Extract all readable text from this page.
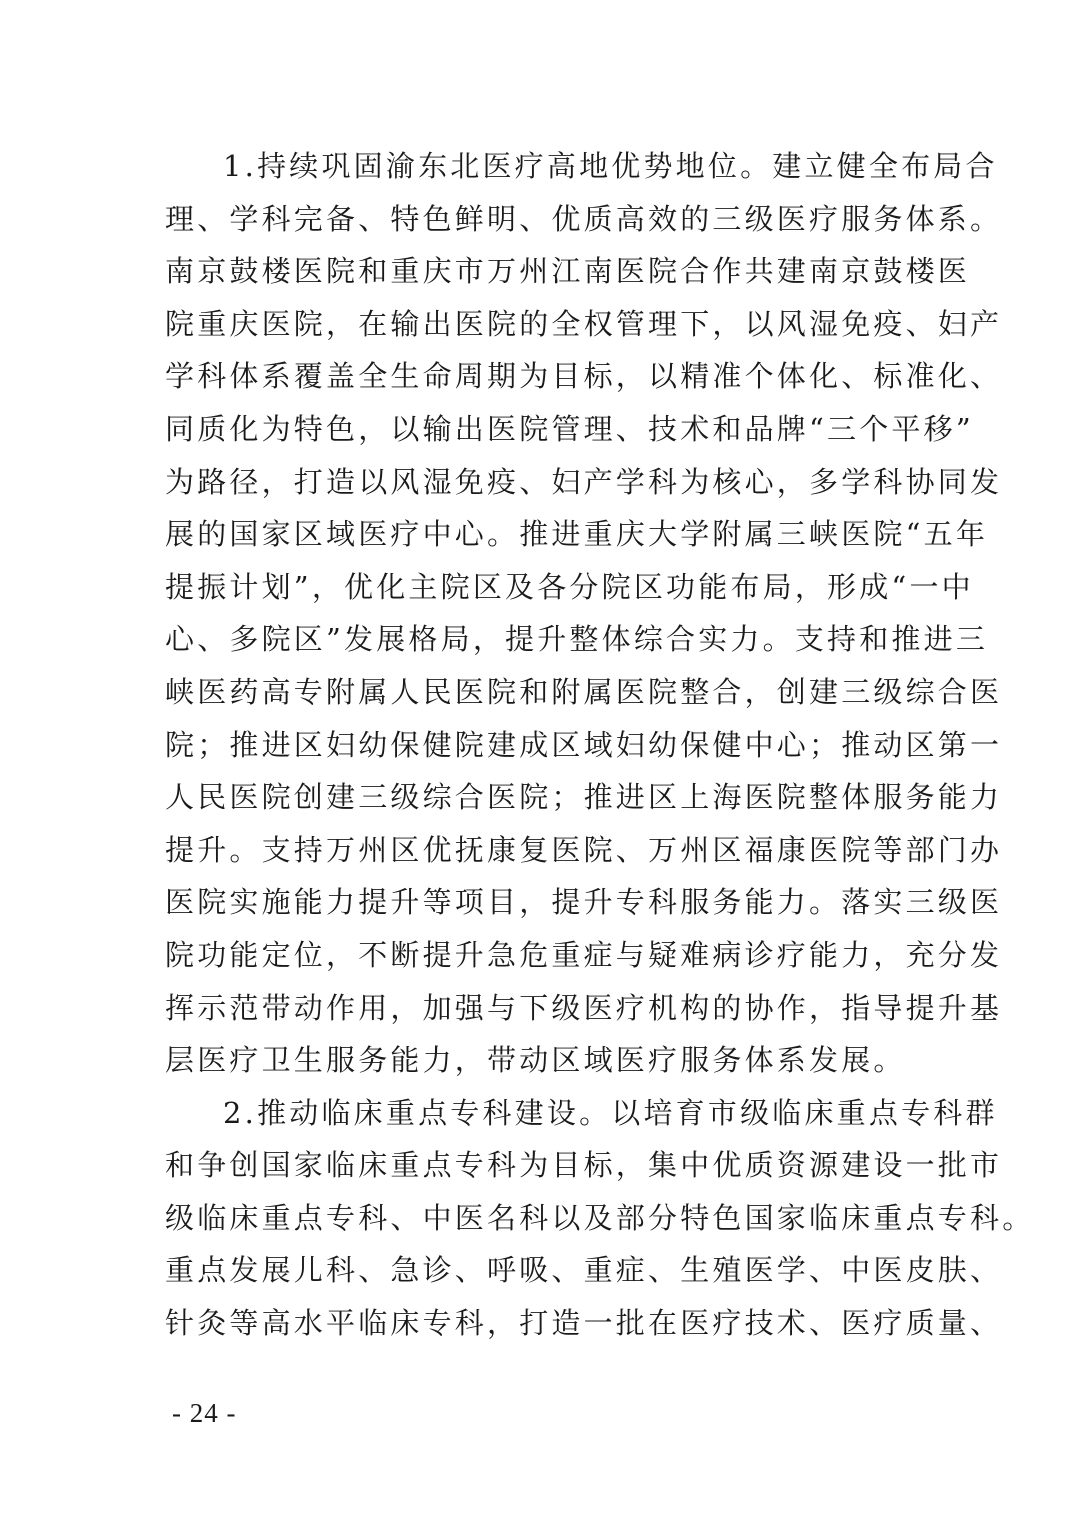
1.持续巩固渝东北医疗高地优势地位。建立健全布局合
理、学科完备、特色鲜明、优质高效的三级医疗服务体系。
南京鼓楼医院和重庆市万州江南医院合作共建南京鼓楼医
院重庆医院，在输出医院的全权管理下，以风湿免疫、妇产
学科体系覆盖全生命周期为目标，以精准个体化、标准化、
同质化为特色，以输出医院管理、技术和品牌“三个平移”
为路径，打造以风湿免疫、妇产学科为核心，多学科协同发
展的国家区域医疗中心。推进重庆大学附属三峡医院“五年
提振计划”，优化主院区及各分院区功能布局，形成“一中
心、多院区”发展格局，提升整体综合实力。支持和推进三
峡医药高专附属人民医院和附属医院整合，创建三级综合医
院；推进区妇幼保健院建成区域妇幼保健中心；推动区第一
人民医院创建三级综合医院；推进区上海医院整体服务能力
提升。支持万州区优抚康复医院、万州区福康医院等部门办
医院实施能力提升等项目，提升专科服务能力。落实三级医
院功能定位，不断提升急危重症与疑难病诊疗能力，充分发
挥示范带动作用，加强与下级医疗机构的协作，指导提升基
层医疗卫生服务能力，带动区域医疗服务体系发展。
2.推动临床重点专科建设。以培育市级临床重点专科群
和争创国家临床重点专科为目标，集中优质资源建设一批市
级临床重点专科、中医名科以及部分特色国家临床重点专科。
重点发展儿科、急诊、呼吸、重症、生殖医学、中医皮肤、
针灸等高水平临床专科，打造一批在医疗技术、医疗质量、
- 24 -
